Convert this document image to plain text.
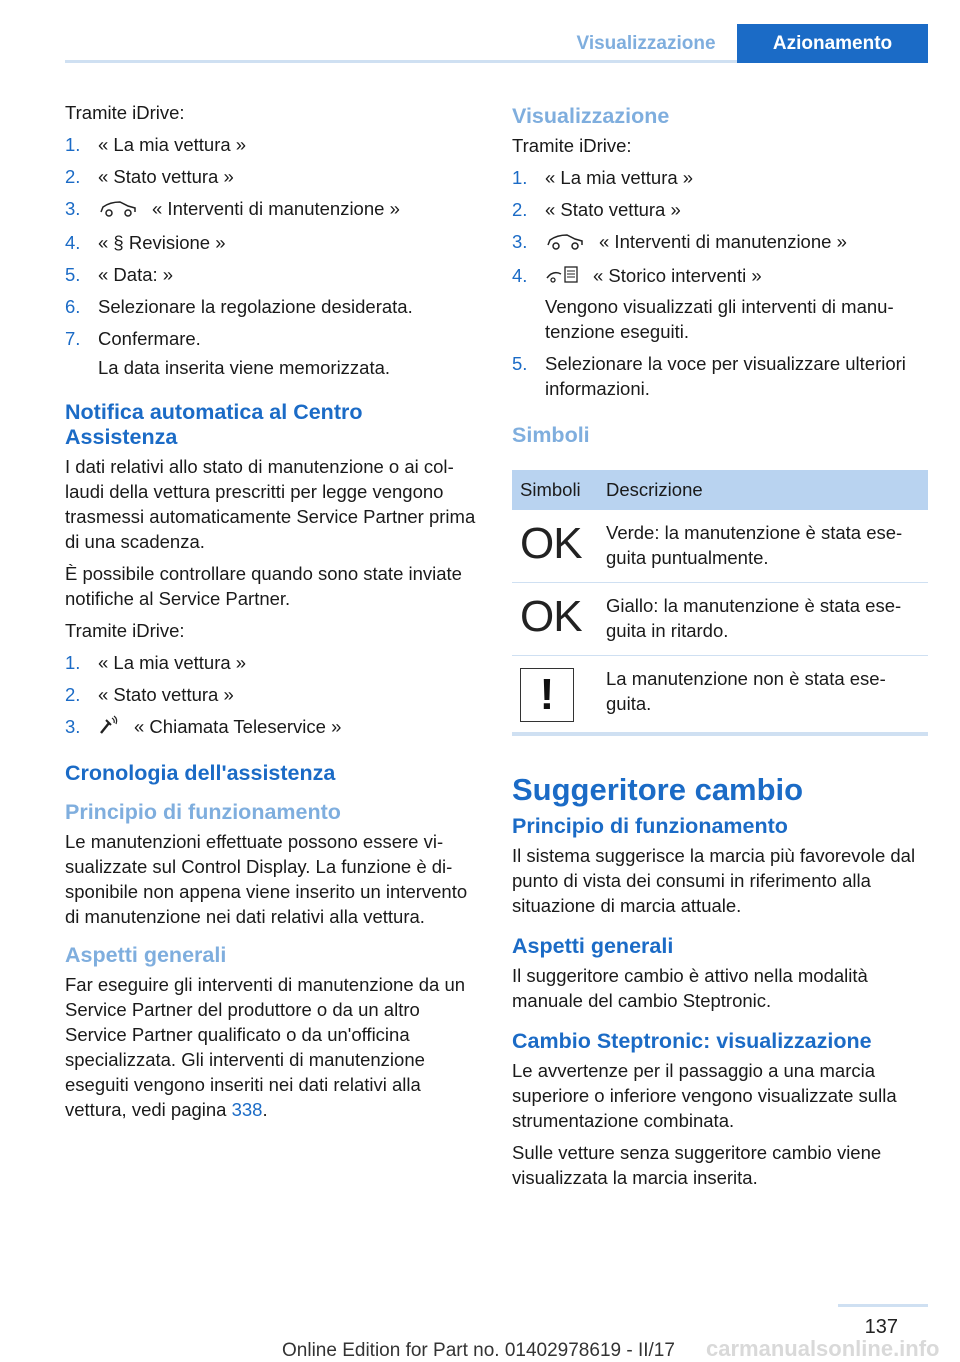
Visualizzazione	Azionamento

Tramite iDrive:

1. « La mia vettura »
2. « Stato vettura »
3.	« Interventi di manutenzione »
4. « § Revisione »
5. « Data: »
6. Selezionare la regolazione desiderata.
7. Confermare.
La data inserita viene memorizzata.
Notifica automatica al Centro Assistenza

I dati relativi allo stato di manutenzione o ai collaudi della vettura prescritti per legge vengono trasmessi automaticamente Service Partner prima di una scadenza.

È possibile controllare quando sono state inviate notifiche al Service Partner.

Tramite iDrive:

1. « La mia vettura »
2. « Stato vettura »
3.	« Chiamata Teleservice »
Cronologia dell'assistenza
Principio di funzionamento

Le manutenzioni effettuate possono essere visualizzate sul Control Display. La funzione è disponibile non appena viene inserito un intervento di manutenzione nei dati relativi alla vettura.

Aspetti generali

Far eseguire gli interventi di manutenzione da un Service Partner del produttore o da un altro Service Partner qualificato o da un'officina specializzata. Gli interventi di manutenzione eseguiti vengono inseriti nei dati relativi alla vettura, vedi pagina 338.

Visualizzazione

Tramite iDrive:

1. « La mia vettura »
2. « Stato vettura »
3.	« Interventi di manutenzione »
4.	« Storico interventi »
Vengono visualizzati gli interventi di manutenzione eseguiti.
5. Selezionare la voce per visualizzare ulteriori informazioni.
Simboli
Simboli	Descrizione
OK	Verde: la manutenzione è stata eseguita puntualmente.
OK	Giallo: la manutenzione è stata eseguita in ritardo.

!	La manutenzione non è stata eseguita.
Suggeritore cambio
Principio di funzionamento

Il sistema suggerisce la marcia più favorevole dal punto di vista dei consumi in riferimento alla situazione di marcia attuale.

Aspetti generali

Il suggeritore cambio è attivo nella modalità manuale del cambio Steptronic.

Cambio Steptronic: visualizzazione

Le avvertenze per il passaggio a una marcia superiore o inferiore vengono visualizzate sulla strumentazione combinata.

Sulle vetture senza suggeritore cambio viene visualizzata la marcia inserita.

137
Online Edition for Part no. 01402978619 - II/17 carmanualsonline.info
